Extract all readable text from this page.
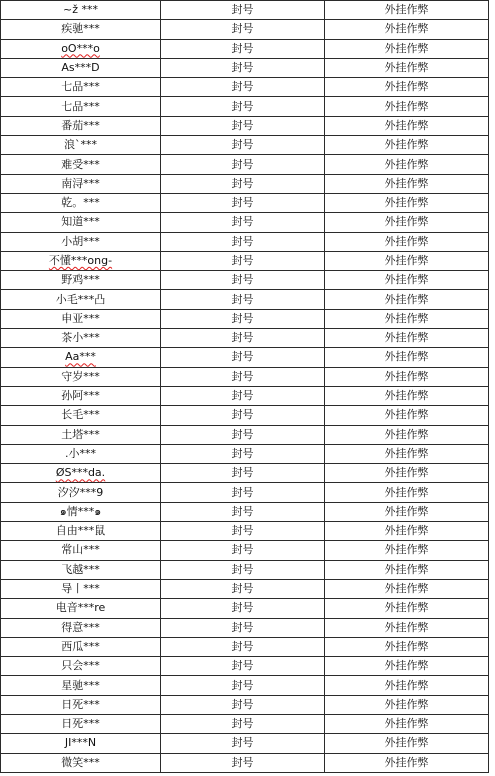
~ž ***	封号	外挂作弊
疾驰***	封号	外挂作弊
oO***o	封号	外挂作弊
As***D	封号	外挂作弊
七品***	封号	外挂作弊
七品***	封号	外挂作弊
番茄***	封号	外挂作弊
浪`***	封号	外挂作弊
难受***	封号	外挂作弊
南浔***	封号	外挂作弊
乾。***	封号	外挂作弊
知道***	封号	外挂作弊
小胡***	封号	外挂作弊
不懂***ong-	封号	外挂作弊
野鸡***	封号	外挂作弊
小毛***凸	封号	外挂作弊
申亚***	封号	外挂作弊
茶小***	封号	外挂作弊
Aa***	封号	外挂作弊
守岁***	封号	外挂作弊
孙阿***	封号	外挂作弊
长毛***	封号	外挂作弊
土塔***	封号	外挂作弊
.小***	封号	外挂作弊
ØS***da.	封号	外挂作弊
汐汐***9	封号	外挂作弊
๑情***๑	封号	外挂作弊
自由***鼠	封号	外挂作弊
常山***	封号	外挂作弊
飞越***	封号	外挂作弊
导丨***	封号	外挂作弊
电音***re	封号	外挂作弊
得意***	封号	外挂作弊
西瓜***	封号	外挂作弊
只会***	封号	外挂作弊
星驰***	封号	外挂作弊
日死***	封号	外挂作弊
日死***	封号	外挂作弊
JI***N	封号	外挂作弊
微笑***	封号	外挂作弊
